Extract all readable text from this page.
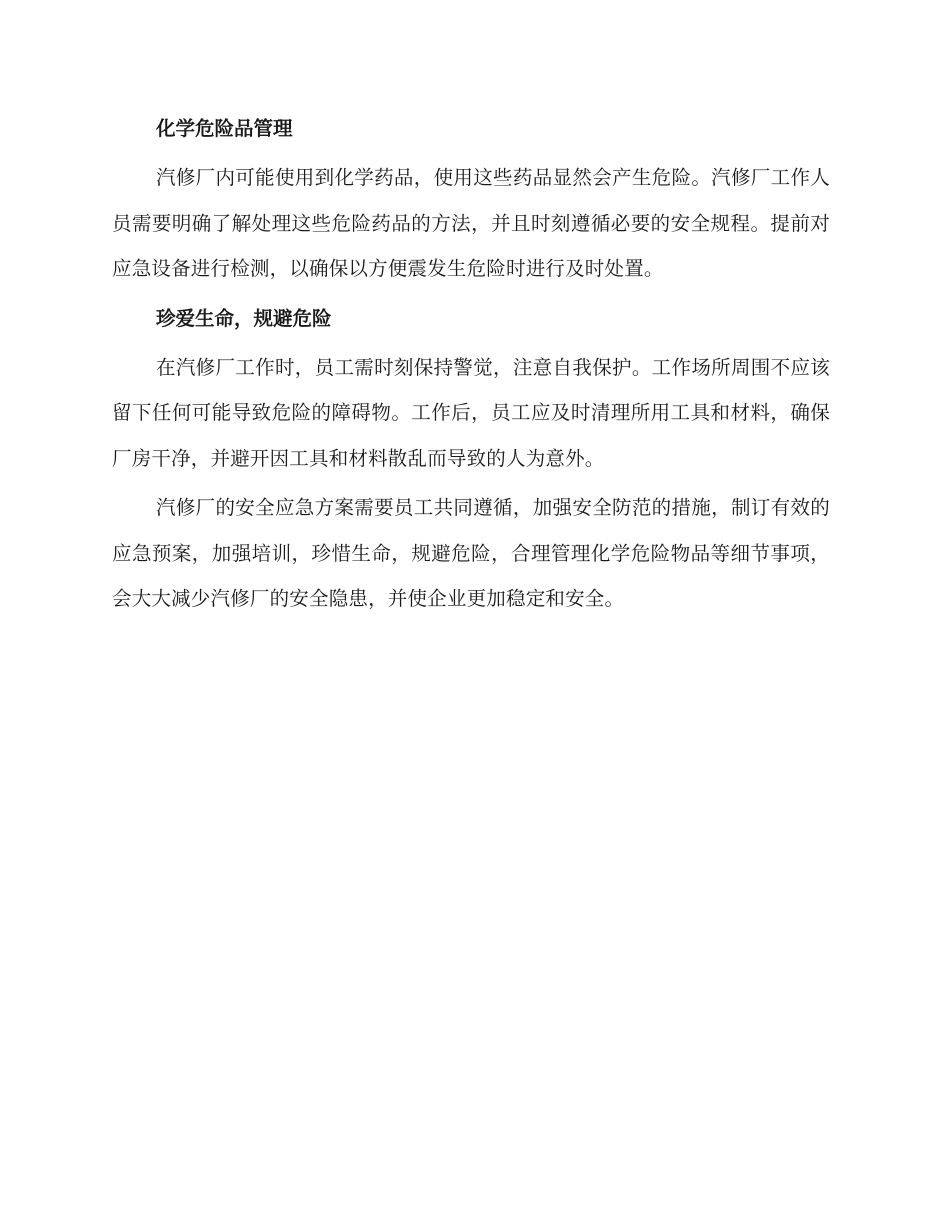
化学危险品管理

汽修厂内可能使用到化学药品，使用这些药品显然会产生危险。汽修厂工作人员需要明确了解处理这些危险药品的方法，并且时刻遵循必要的安全规程。提前对应急设备进行检测，以确保以方便震发生危险时进行及时处置。

珍爱生命，规避危险

在汽修厂工作时，员工需时刻保持警觉，注意自我保护。工作场所周围不应该留下任何可能导致危险的障碍物。工作后，员工应及时清理所用工具和材料，确保厂房干净，并避开因工具和材料散乱而导致的人为意外。

汽修厂的安全应急方案需要员工共同遵循，加强安全防范的措施，制订有效的应急预案，加强培训，珍惜生命，规避危险，合理管理化学危险物品等细节事项，会大大减少汽修厂的安全隐患，并使企业更加稳定和安全。
